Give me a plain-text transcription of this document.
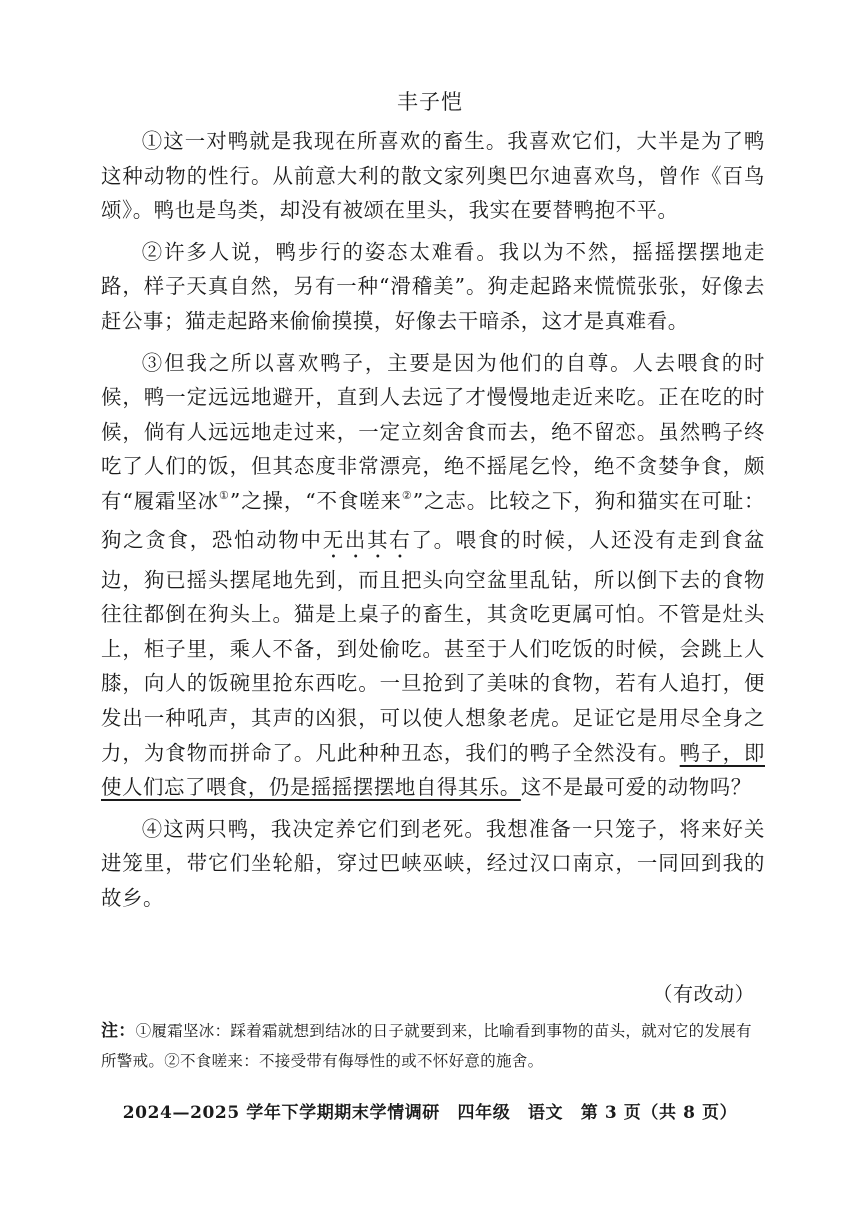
丰子恺

①这一对鸭就是我现在所喜欢的畜生。我喜欢它们，大半是为了鸭这种动物的性行。从前意大利的散文家列奥巴尔迪喜欢鸟，曾作《百鸟颂》。鸭也是鸟类，却没有被颂在里头，我实在要替鸭抱不平。

②许多人说，鸭步行的姿态太难看。我以为不然，摇摇摆摆地走路，样子天真自然，另有一种“滑稽美”。狗走起路来慌慌张张，好像去赶公事；猫走起路来偷偷摸摸，好像去干暗杀，这才是真难看。

③但我之所以喜欢鸭子，主要是因为他们的自尊。人去喂食的时候，鸭一定远远地避开，直到人去远了才慢慢地走近来吃。正在吃的时候，倘有人远远地走过来，一定立刻舍食而去，绝不留恋。虽然鸭子终吃了人们的饭，但其态度非常漂亮，绝不摇尾乞怜，绝不贪婪争食，颇有“履霜坚冰①”之操，“不食嗟来②”之志。比较之下，狗和猫实在可耻：狗之贪食，恐怕动物中无出其右了。喂食的时候，人还没有走到食盆边，狗已摇头摆尾地先到，而且把头向空盆里乱钻，所以倒下去的食物往往都倒在狗头上。猫是上桌子的畜生，其贪吃更属可怕。不管是灶头上，柜子里，乘人不备，到处偷吃。甚至于人们吃饭的时候，会跳上人膝，向人的饭碗里抢东西吃。一旦抢到了美味的食物，若有人追打，便发出一种吼声，其声的凶狠，可以使人想象老虎。足证它是用尽全身之力，为食物而拼命了。凡此种种丑态，我们的鸭子全然没有。鸭子，即使人们忘了喂食，仍是摇摇摆摆地自得其乐。这不是最可爱的动物吗？

④这两只鸭，我决定养它们到老死。我想准备一只笼子，将来好关进笼里，带它们坐轮船，穿过巴峡巫峡，经过汉口南京，一同回到我的故乡。

（有改动）
注：①履霜坚冰：踩着霜就想到结冰的日子就要到来，比喻看到事物的苗头，就对它的发展有所警戒。②不食嗟来：不接受带有侮辱性的或不怀好意的施舍。
2024—2025 学年下学期期末学情调研　四年级　语文　第 3 页（共 8 页）
